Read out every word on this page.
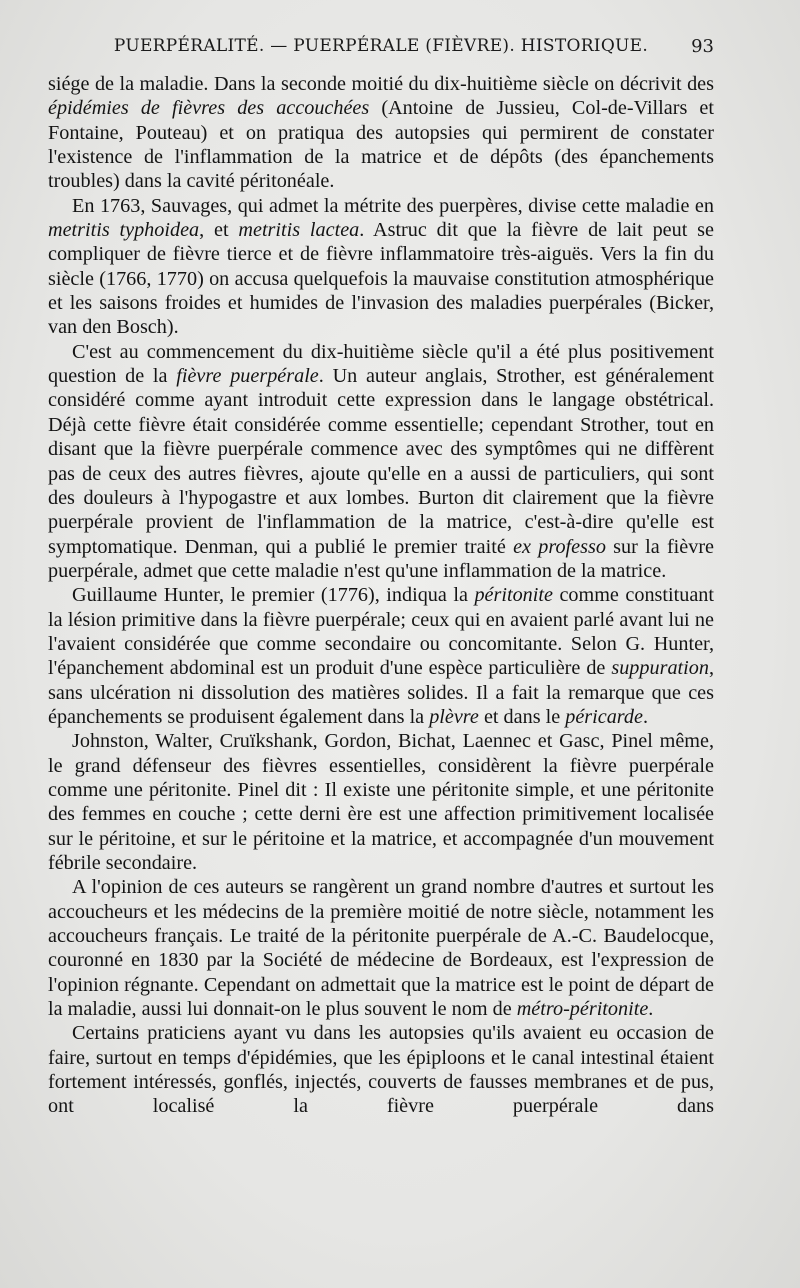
PUERPÉRALITÉ. — PUERPÉRALE (FIÈVRE). HISTORIQUE.	93

siége de la maladie. Dans la seconde moitié du dix-huitième siècle on décrivit des épidémies de fièvres des accouchées (Antoine de Jussieu, Col-de-Villars et Fontaine, Pouteau) et on pratiqua des autopsies qui permirent de constater l'existence de l'inflammation de la matrice et de dépôts (des épanchements troubles) dans la cavité péritonéale.

En 1763, Sauvages, qui admet la métrite des puerpères, divise cette maladie en metritis typhoidea, et metritis lactea. Astruc dit que la fièvre de lait peut se compliquer de fièvre tierce et de fièvre inflammatoire très-aiguës. Vers la fin du siècle (1766, 1770) on accusa quelquefois la mauvaise constitution atmosphérique et les saisons froides et humides de l'invasion des maladies puerpérales (Bicker, van den Bosch).

C'est au commencement du dix-huitième siècle qu'il a été plus positivement question de la fièvre puerpérale. Un auteur anglais, Strother, est généralement considéré comme ayant introduit cette expression dans le langage obstétrical. Déjà cette fièvre était considérée comme essentielle; cependant Strother, tout en disant que la fièvre puerpérale commence avec des symptômes qui ne diffèrent pas de ceux des autres fièvres, ajoute qu'elle en a aussi de particuliers, qui sont des douleurs à l'hypogastre et aux lombes. Burton dit clairement que la fièvre puerpérale provient de l'inflammation de la matrice, c'est-à-dire qu'elle est symptomatique. Denman, qui a publié le premier traité ex professo sur la fièvre puerpérale, admet que cette maladie n'est qu'une inflammation de la matrice.

Guillaume Hunter, le premier (1776), indiqua la péritonite comme constituant la lésion primitive dans la fièvre puerpérale; ceux qui en avaient parlé avant lui ne l'avaient considérée que comme secondaire ou concomitante. Selon G. Hunter, l'épanchement abdominal est un produit d'une espèce particulière de suppuration, sans ulcération ni dissolution des matières solides. Il a fait la remarque que ces épanchements se produisent également dans la plèvre et dans le péricarde.

Johnston, Walter, Cruïkshank, Gordon, Bichat, Laennec et Gasc, Pinel même, le grand défenseur des fièvres essentielles, considèrent la fièvre puerpérale comme une péritonite. Pinel dit : Il existe une péritonite simple, et une péritonite des femmes en couche ; cette derni ère est une affection primitivement localisée sur le péritoine, et sur le péritoine et la matrice, et accompagnée d'un mouvement fébrile secondaire.

A l'opinion de ces auteurs se rangèrent un grand nombre d'autres et surtout les accoucheurs et les médecins de la première moitié de notre siècle, notamment les accoucheurs français. Le traité de la péritonite puerpérale de A.-C. Baudelocque, couronné en 1830 par la Société de médecine de Bordeaux, est l'expression de l'opinion régnante. Cependant on admettait que la matrice est le point de départ de la maladie, aussi lui donnait-on le plus souvent le nom de métro-péritonite.

Certains praticiens ayant vu dans les autopsies qu'ils avaient eu occasion de faire, surtout en temps d'épidémies, que les épiploons et le canal intestinal étaient fortement intéressés, gonflés, injectés, couverts de fausses membranes et de pus, ont localisé la fièvre puerpérale dans
